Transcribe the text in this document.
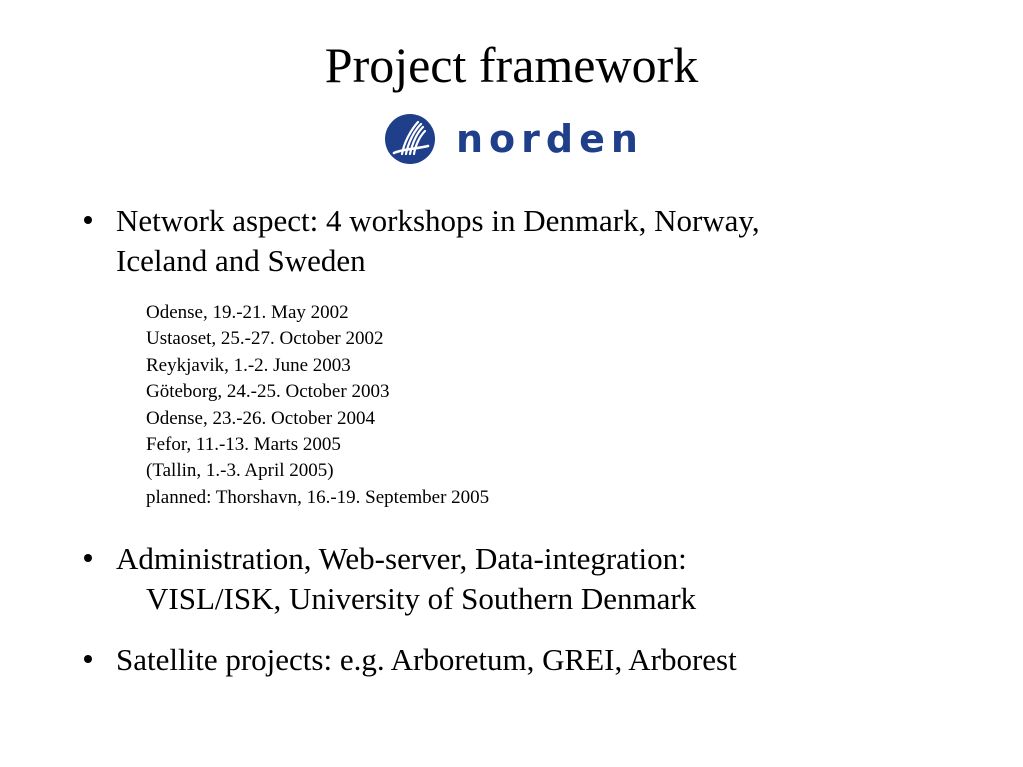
Project framework
norden
Network aspect: 4 workshops in Denmark, Norway,
Iceland and Sweden
Odense, 19.-21. May 2002
Ustaoset, 25.-27. October 2002
Reykjavik, 1.-2. June 2003
Göteborg, 24.-25. October 2003
Odense, 23.-26. October 2004
Fefor, 11.-13. Marts 2005
(Tallin, 1.-3. April 2005)
planned: Thorshavn, 16.-19. September 2005
Administration, Web-server, Data-integration:

VISL/ISK, University of Southern Denmark
Satellite projects: e.g. Arboretum, GREI, Arborest
